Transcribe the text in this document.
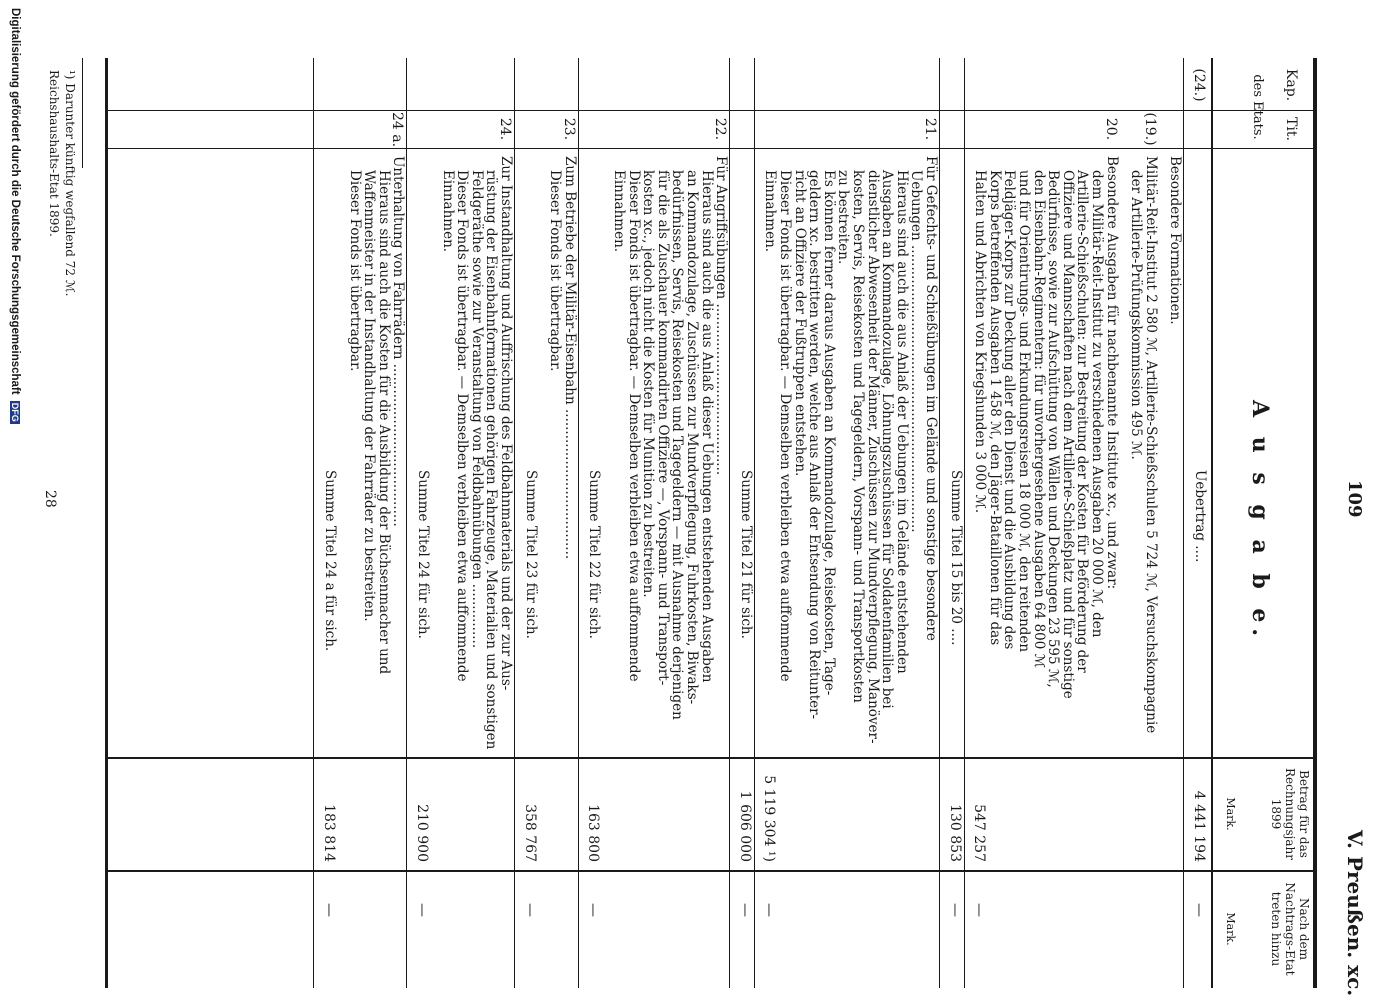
109
V. Preußen. xc.
Kap.
Tit.
des Etats.
A u s g a b e.
Betrag für das Rechnungsjahr 1899
Mark.
Nach dem Nachtrags-Etat treten hinzu
Mark.
(24.)
Uebertrag ....
4 441 194
—
Besondere Formationen.
(19.)
Militär-Reit-Institut 2 580 ℳ, Artillerie-Schießschulen 5 724 ℳ, Versuchskompagnie
der Artillerie-Prüfungskommission 495 ℳ.
20.
Besondere Ausgaben für nachbenannte Institute xc., und zwar:
dem Militär-Reit-Institut zu verschiedenen Ausgaben 20 000 ℳ, den
Artillerie-Schießschulen: zur Bestreitung der Kosten für Beförderung der
Offiziere und Mannschaften nach dem Artillerie-Schießplatz und für sonstige
Bedürfnisse, sowie zur Aufschüttung von Wällen und Deckungen 23 595 ℳ,
den Eisenbahn-Regimentern: für unvorhergesehene Ausgaben 64 800 ℳ
und für Orientirungs- und Erkundungsreisen 18 000 ℳ, den reitenden
Feldjäger-Korps zur Deckung aller den Dienst und die Ausbildung des
Korps betreffenden Ausgaben 1 458 ℳ, den Jäger-Bataillonen für das
Halten und Abrichten von Kriegshunden 3 000 ℳ.
547 257
—
Summe Titel 15 bis 20 ....
130 853
—
21.
Für Gefechts- und Schießübungen im Gelände und sonstige besondere
Uebungen ...................................................................
Hieraus sind auch die aus Anlaß der Uebungen im Gelände entstehenden
Ausgaben an Kommandozulage, Löhnungszuschüssen für Soldatenfamilien bei
dienstlicher Abwesenheit der Männer, Zuschüssen zur Mundverpflegung, Manöver-
kosten, Servis, Reisekosten und Tagegeldern, Vorspann- und Transportkosten
zu bestreiten.
Es können ferner daraus Ausgaben an Kommandozulage, Reisekosten, Tage-
geldern xc. bestritten werden, welche aus Anlaß der Entsendung von Reitunter-
richt an Offiziere der Fußtruppen entstehen.
Dieser Fonds ist übertragbar. — Demselben verbleiben etwa auffommende
Einnahmen.
5 119 304 ¹)
—
Summe Titel 21 für sich.
1 606 000
—
22.
Für Angriffsübungen ........................................
Hieraus sind auch die aus Anlaß dieser Uebungen entstehenden Ausgaben
an Kommandozulage, Zuschüssen zur Mundverpflegung, Fuhrkosten, Biwaks-
bedürfnissen, Servis, Reisekosten und Tagegeldern — mit Ausnahme derjenigen
für die als Zuschauer kommandirten Offiziere —, Vorspann- und Transport-
kosten xc., jedoch nicht die Kosten für Munition zu bestreiten.
Dieser Fonds ist übertragbar. — Demselben verbleiben etwa auffommende
Einnahmen.
Summe Titel 22 für sich.
163 800
—
23.
Zum Betriebe der Militär-Eisenbahn ...................................
Dieser Fonds ist übertragbar.
Summe Titel 23 für sich.
358 767
—
24.
Zur Instandhaltung und Auffrischung des Feldbahnmaterials und der zur Aus-
rüstung der Eisenbahnformationen gehörigen Fahrzeuge, Materialien und sonstigen
Feldgeräthe sowie zur Veranstaltung von Feldbahnübungen ...............
Dieser Fonds ist übertragbar. — Demselben verbleiben etwa auffommende
Einnahmen.
Summe Titel 24 für sich.
210 900
—
24 a.
Unterhaltung von Fahrrädern ......................................
Hieraus sind auch die Kosten für die Ausbildung der Büchsenmacher und
Waffenmeister in der Instandhaltung der Fahrräder zu bestreiten.
Dieser Fonds ist übertragbar.
Summe Titel 24 a für sich.
183 814
—
¹) Darunter künftig wegfallend 72 ℳ.
Reichshaushalts-Etat 1899.
28
Digitalisierung gefördert durch die Deutsche Forschungsgemeinschaft DFG
